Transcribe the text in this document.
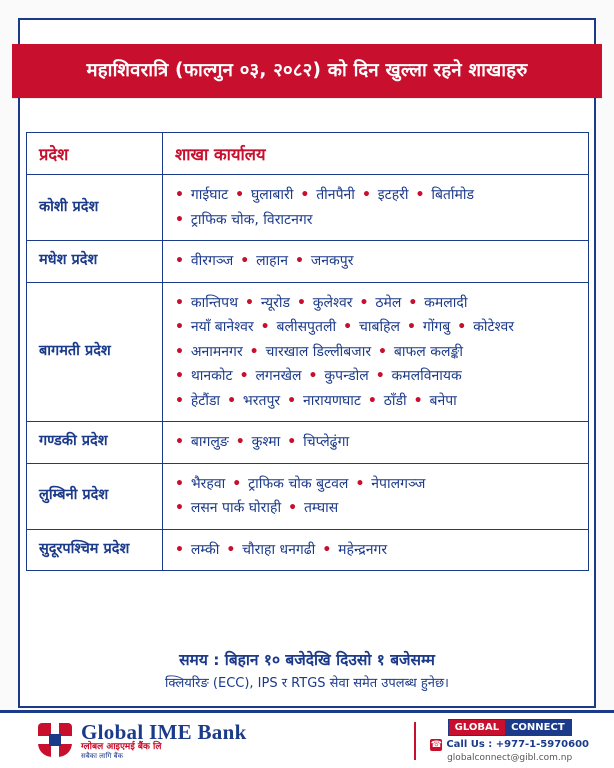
महाशिवरात्रि (फाल्गुन ०३, २०८२) को दिन खुल्ला रहने शाखाहरु
प्रदेश	शाखा कार्यालय
कोशी प्रदेश	• गाईघाट • घुलाबारी • तीनपैनी • इटहरी • बिर्तामोड
• ट्राफिक चोक, विराटनगर

मधेश प्रदेश	• वीरगञ्ज • लाहान • जनकपुर

बागमती प्रदेश	• कान्तिपथ • न्यूरोड • कुलेश्वर • ठमेल • कमलादी
• नयाँ बानेश्वर • बलीसपुतली • चाबहिल • गोंगबु • कोटेश्वर
• अनामनगर • चारखाल डिल्लीबजार • बाफल कलङ्की
• थानकोट • लगनखेल • कुपन्डोल • कमलविनायक
• हेटौंडा • भरतपुर • नारायणघाट • ठाँडी • बनेपा

गण्डकी प्रदेश	• बागलुङ • कुश्मा • चिप्लेढुंगा

लुम्बिनी प्रदेश	• भैरहवा • ट्राफिक चोक बुटवल • नेपालगञ्ज
• लसन पार्क घोराही • तम्घास

सुदूरपश्चिम प्रदेश	• लम्की • चौराहा धनगढी • महेन्द्रनगर
समय : बिहान १० बजेदेखि दिउसो १ बजेसम्म
क्लियरिङ (ECC), IPS र RTGS सेवा समेत उपलब्ध हुनेछ।
Global IME Bank
ग्लोबल आइएमई बैंक लि
सबैका लागि बैंक
GLOBAL	CONNECT
☎ Call Us :
+977-1-5970600
globalconnect@gibl.com.np
